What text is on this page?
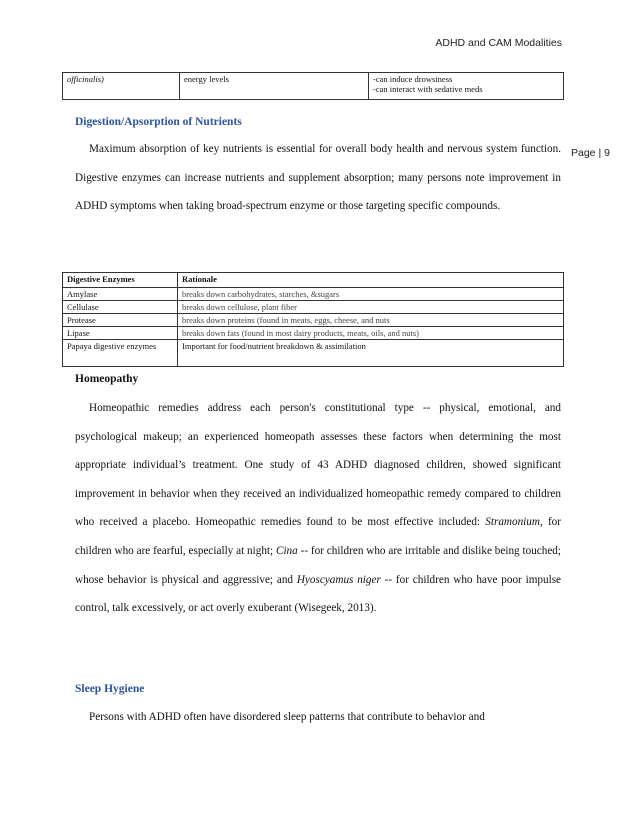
ADHD and CAM Modalities
Page | 9
officinalis)	energy levels	-can induce drowsiness
-can interact with sedative meds
Digestion/Apsorption of Nutrients

Maximum absorption of key nutrients is essential for overall body health and nervous system function. Digestive enzymes can increase nutrients and supplement absorption; many persons note improvement in ADHD symptoms when taking broad-spectrum enzyme or those targeting specific compounds.

Digestive Enzymes	Rationale
Amylase	breaks down carbohydrates, starches, &sugars
Cellulase	breaks down cellulose, plant fiber
Protease	breaks down proteins (found in meats, eggs, cheese, and nuts
Lipase	breaks down fats (found in most dairy products, meats, oils, and nuts)
Papaya digestive enzymes	Important for food/nutrient breakdown & assimilation
Homeopathy

Homeopathic remedies address each person's constitutional type -- physical, emotional, and psychological makeup; an experienced homeopath assesses these factors when determining the most appropriate individual’s treatment. One study of 43 ADHD diagnosed children, showed significant improvement in behavior when they received an individualized homeopathic remedy compared to children who received a placebo. Homeopathic remedies found to be most effective included: Stramonium, for children who are fearful, especially at night; Cina -- for children who are irritable and dislike being touched; whose behavior is physical and aggressive; and Hyoscyamus niger -- for children who have poor impulse control, talk excessively, or act overly exuberant (Wisegeek, 2013).

Sleep Hygiene

Persons with ADHD often have disordered sleep patterns that contribute to behavior and
